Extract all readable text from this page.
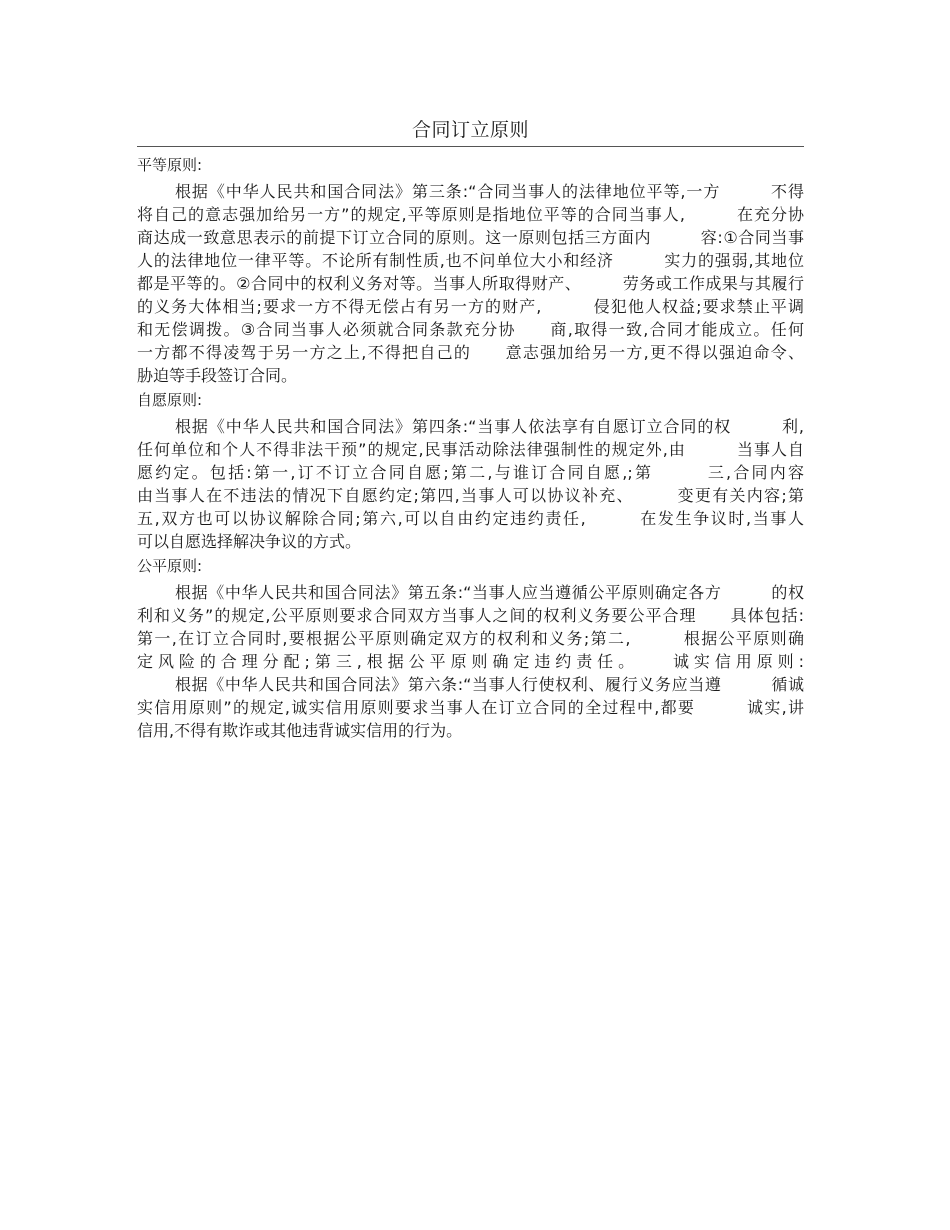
合同订立原则

平等原则:

根据《中华人民共和国合同法》第三条:“合同当事人的法律地位平等,一方　　　不得
将自己的意志强加给另一方”的规定,平等原则是指地位平等的合同当事人,　　　在充分协
商达成一致意思表示的前提下订立合同的原则。这一原则包括三方面内　　　容:①合同当事
人的法律地位一律平等。不论所有制性质,也不问单位大小和经济　　　实力的强弱,其地位
都是平等的。②合同中的权利义务对等。当事人所取得财产、　　　劳务或工作成果与其履行
的义务大体相当;要求一方不得无偿占有另一方的财产,　　　侵犯他人权益;要求禁止平调
和无偿调拨。③合同当事人必须就合同条款充分协　　商,取得一致,合同才能成立。任何
一方都不得凌驾于另一方之上,不得把自己的　　意志强加给另一方,更不得以强迫命令、
胁迫等手段签订合同。

自愿原则:

根据《中华人民共和国合同法》第四条:“当事人依法享有自愿订立合同的权　　　利,
任何单位和个人不得非法干预”的规定,民事活动除法律强制性的规定外,由　　　当事人自
愿约定。包括:第一,订不订立合同自愿;第二,与谁订合同自愿,;第　　　三,合同内容
由当事人在不违法的情况下自愿约定;第四,当事人可以协议补充、　　　变更有关内容;第
五,双方也可以协议解除合同;第六,可以自由约定违约责任,　　　在发生争议时,当事人
可以自愿选择解决争议的方式。

公平原则:

根据《中华人民共和国合同法》第五条:“当事人应当遵循公平原则确定各方　　　的权
利和义务”的规定,公平原则要求合同双方当事人之间的权利义务要公平合理　　具体包括:
第一,在订立合同时,要根据公平原则确定双方的权利和义务;第二,　　　根据公平原则确
定风险的合理分配;第三,根据公平原则确定违约责任。　　诚实信用原则:
根据《中华人民共和国合同法》第六条:“当事人行使权利、履行义务应当遵　　　循诚
实信用原则”的规定,诚实信用原则要求当事人在订立合同的全过程中,都要　　　诚实,讲
信用,不得有欺诈或其他违背诚实信用的行为。
